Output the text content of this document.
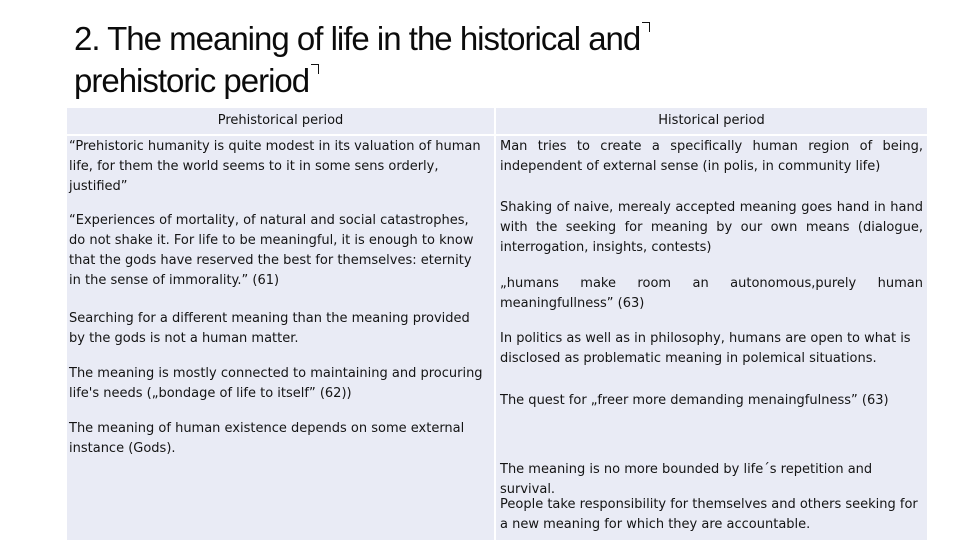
2. The meaning of life in the historical and
prehistoric period
Prehistorical period	Historical period
“Prehistoric humanity is quite modest in its valuation of human life, for them the world seems to it in some sens orderly, justified”
“Experiences of mortality, of natural and social catastrophes, do not shake it. For life to be meaningful, it is enough to know that the gods have reserved the best for themselves: eternity in the sense of immorality.” (61)
Searching for a different meaning than the meaning provided by the gods is not a human matter.
The meaning is mostly connected to maintaining and procuring life's needs („bondage of life to itself” (62))
The meaning of human existence depends on some external instance (Gods).
Man tries to create a specifically human region of being, independent of external sense (in polis, in community life)
Shaking of naive, merealy accepted meaning goes hand in hand with the seeking for meaning by our own means (dialogue, interrogation, insights, contests)
„humans make room an autonomous,purely human meaningfullness” (63)
In politics as well as in philosophy, humans are open to what is disclosed as problematic meaning in polemical situations.
The quest for „freer more demanding menaingfulness” (63)
The meaning is no more bounded by life´s repetition and survival.
People take responsibility for themselves and others seeking for a new meaning for which they are accountable.
